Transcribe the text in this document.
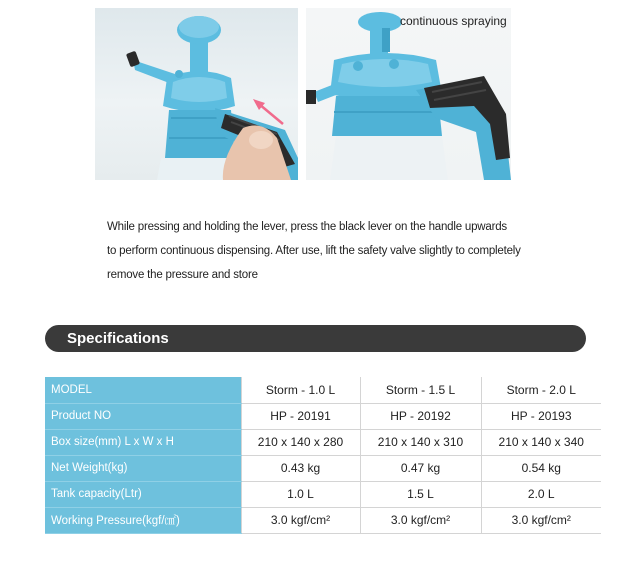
continuous spraying

While pressing and holding the lever, press the black lever on the handle upwards

to perform continuous dispensing. After use, lift the safety valve slightly to completely

remove the pressure and store

Specifications
MODEL	Storm - 1.0 L	Storm - 1.5 L	Storm - 2.0 L
Product NO	HP - 20191	HP - 20192	HP - 20193
Box size(mm) L x W x H	210 x 140 x 280	210 x 140 x 310	210 x 140 x 340
Net Weight(kg)	0.43 kg	0.47 kg	0.54 kg
Tank capacity(Ltr)	1.0 L	1.5 L	2.0 L
Working Pressure(kgf/㎠)	3.0 kgf/cm²	3.0 kgf/cm²	3.0 kgf/cm²
